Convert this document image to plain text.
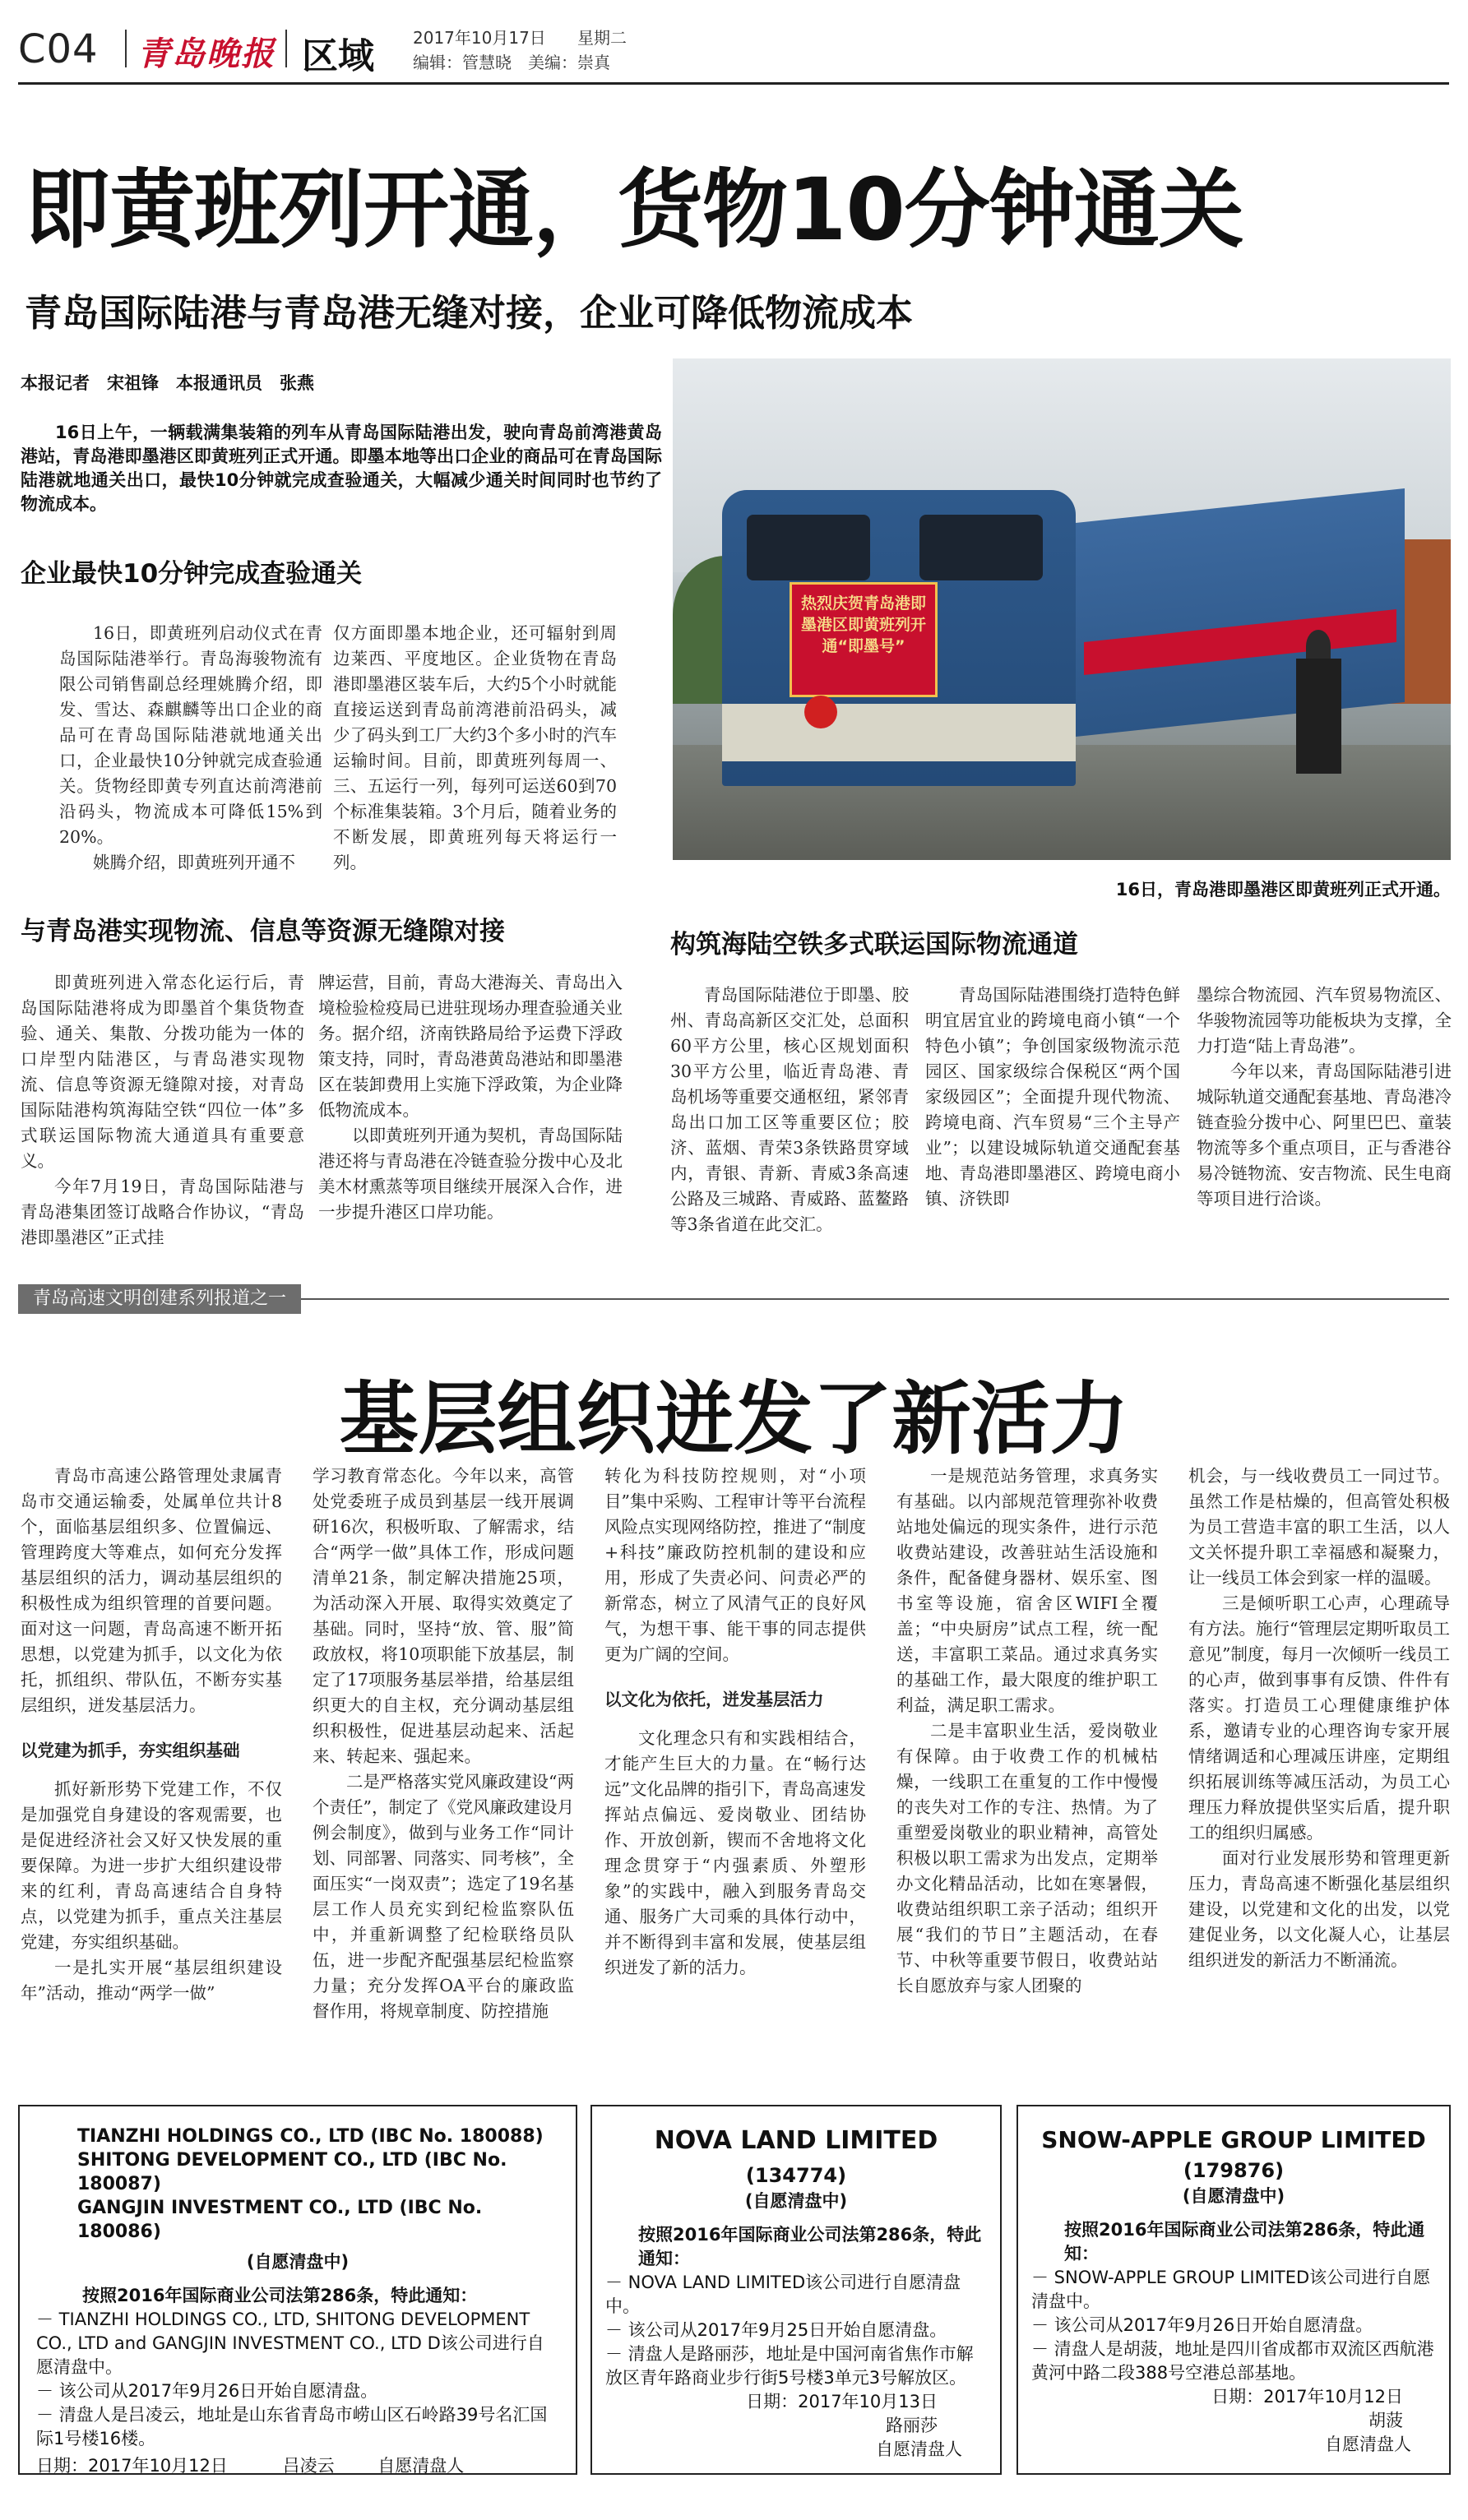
C04 青岛晚报 区域 2017年10月17日 星期二
编辑：管慧晓 美编：崇真
即黄班列开通，货物10分钟通关
青岛国际陆港与青岛港无缝对接，企业可降低物流成本
本报记者　宋祖锋　本报通讯员　张燕

16日上午，一辆载满集装箱的列车从青岛国际陆港出发，驶向青岛前湾港黄岛港站，青岛港即墨港区即黄班列正式开通。即墨本地等出口企业的商品可在青岛国际陆港就地通关出口，最快10分钟就完成查验通关，大幅减少通关时间同时也节约了物流成本。

企业最快10分钟完成查验通关

16日，即黄班列启动仪式在青岛国际陆港举行。青岛海骏物流有限公司销售副总经理姚腾介绍，即发、雪达、森麒麟等出口企业的商品可在青岛国际陆港就地通关出口，企业最快10分钟就完成查验通关。货物经即黄专列直达前湾港前沿码头，物流成本可降低15%到20%。

姚腾介绍，即黄班列开通不

仅方面即墨本地企业，还可辐射到周边莱西、平度地区。企业货物在青岛港即墨港区装车后，大约5个小时就能直接运送到青岛前湾港前沿码头，减少了码头到工厂大约3个多小时的汽车运输时间。目前，即黄班列每周一、三、五运行一列，每列可运送60到70个标准集装箱。3个月后，随着业务的不断发展，即黄班列每天将运行一列。

热烈庆贺青岛港即墨港区即黄班列开通“即墨号”
16日，青岛港即墨港区即黄班列正式开通。
与青岛港实现物流、信息等资源无缝隙对接

即黄班列进入常态化运行后，青岛国际陆港将成为即墨首个集货物查验、通关、集散、分拨功能为一体的口岸型内陆港区，与青岛港实现物流、信息等资源无缝隙对接，对青岛国际陆港构筑海陆空铁“四位一体”多式联运国际物流大通道具有重要意义。

今年7月19日，青岛国际陆港与青岛港集团签订战略合作协议，“青岛港即墨港区”正式挂

牌运营，目前，青岛大港海关、青岛出入境检验检疫局已进驻现场办理查验通关业务。据介绍，济南铁路局给予运费下浮政策支持，同时，青岛港黄岛港站和即墨港区在装卸费用上实施下浮政策，为企业降低物流成本。

以即黄班列开通为契机，青岛国际陆港还将与青岛港在冷链查验分拨中心及北美木材熏蒸等项目继续开展深入合作，进一步提升港区口岸功能。

构筑海陆空铁多式联运国际物流通道

青岛国际陆港位于即墨、胶州、青岛高新区交汇处，总面积60平方公里，核心区规划面积30平方公里，临近青岛港、青岛机场等重要交通枢纽，紧邻青岛出口加工区等重要区位；胶济、蓝烟、青荣3条铁路贯穿域内，青银、青新、青威3条高速公路及三城路、青威路、蓝鳌路等3条省道在此交汇。

青岛国际陆港围绕打造特色鲜明宜居宜业的跨境电商小镇“一个特色小镇”；争创国家级物流示范园区、国家级综合保税区“两个国家级园区”；全面提升现代物流、跨境电商、汽车贸易“三个主导产业”；以建设城际轨道交通配套基地、青岛港即墨港区、跨境电商小镇、济铁即

墨综合物流园、汽车贸易物流区、华骏物流园等功能板块为支撑，全力打造“陆上青岛港”。

今年以来，青岛国际陆港引进城际轨道交通配套基地、青岛港冷链查验分拨中心、阿里巴巴、童装物流等多个重点项目，正与香港谷易冷链物流、安吉物流、民生电商等项目进行洽谈。

青岛高速文明创建系列报道之一
基层组织迸发了新活力

青岛市高速公路管理处隶属青岛市交通运输委，处属单位共计8个，面临基层组织多、位置偏远、管理跨度大等难点，如何充分发挥基层组织的活力，调动基层组织的积极性成为组织管理的首要问题。面对这一问题，青岛高速不断开拓思想，以党建为抓手，以文化为依托，抓组织、带队伍，不断夯实基层组织，迸发基层活力。

以党建为抓手，夯实组织基础

抓好新形势下党建工作，不仅是加强党自身建设的客观需要，也是促进经济社会又好又快发展的重要保障。为进一步扩大组织建设带来的红利，青岛高速结合自身特点，以党建为抓手，重点关注基层党建，夯实组织基础。

一是扎实开展“基层组织建设年”活动，推动“两学一做”

学习教育常态化。今年以来，高管处党委班子成员到基层一线开展调研16次，积极听取、了解需求，结合“两学一做”具体工作，形成问题清单21条，制定解决措施25项，为活动深入开展、取得实效奠定了基础。同时，坚持“放、管、服”简政放权，将10项职能下放基层，制定了17项服务基层举措，给基层组织更大的自主权，充分调动基层组织积极性，促进基层动起来、活起来、转起来、强起来。

二是严格落实党风廉政建设“两个责任”，制定了《党风廉政建设月例会制度》，做到与业务工作“同计划、同部署、同落实、同考核”，全面压实“一岗双责”；选定了19名基层工作人员充实到纪检监察队伍中，并重新调整了纪检联络员队伍，进一步配齐配强基层纪检监察力量；充分发挥OA平台的廉政监督作用，将规章制度、防控措施

转化为科技防控规则，对“小项目”集中采购、工程审计等平台流程风险点实现网络防控，推进了“制度+科技”廉政防控机制的建设和应用，形成了失责必问、问责必严的新常态，树立了风清气正的良好风气，为想干事、能干事的同志提供更为广阔的空间。

以文化为依托，迸发基层活力

文化理念只有和实践相结合，才能产生巨大的力量。在“畅行达远”文化品牌的指引下，青岛高速发挥站点偏远、爱岗敬业、团结协作、开放创新，锲而不舍地将文化理念贯穿于“内强素质、外塑形象”的实践中，融入到服务青岛交通、服务广大司乘的具体行动中，并不断得到丰富和发展，使基层组织迸发了新的活力。

一是规范站务管理，求真务实有基础。以内部规范管理弥补收费站地处偏远的现实条件，进行示范收费站建设，改善驻站生活设施和条件，配备健身器材、娱乐室、图书室等设施，宿舍区WIFI全覆盖；“中央厨房”试点工程，统一配送，丰富职工菜品。通过求真务实的基础工作，最大限度的维护职工利益，满足职工需求。

二是丰富职业生活，爱岗敬业有保障。由于收费工作的机械枯燥，一线职工在重复的工作中慢慢的丧失对工作的专注、热情。为了重塑爱岗敬业的职业精神，高管处积极以职工需求为出发点，定期举办文化精品活动，比如在寒暑假，收费站组织职工亲子活动；组织开展“我们的节日”主题活动，在春节、中秋等重要节假日，收费站站长自愿放弃与家人团聚的

机会，与一线收费员工一同过节。虽然工作是枯燥的，但高管处积极为员工营造丰富的职工生活，以人文关怀提升职工幸福感和凝聚力，让一线员工体会到家一样的温暖。

三是倾听职工心声，心理疏导有方法。施行“管理层定期听取员工意见”制度，每月一次倾听一线员工的心声，做到事事有反馈、件件有落实。打造员工心理健康维护体系，邀请专业的心理咨询专家开展情绪调适和心理减压讲座，定期组织拓展训练等减压活动，为员工心理压力释放提供坚实后盾，提升职工的组织归属感。

面对行业发展形势和管理更新压力，青岛高速不断强化基层组织建设，以党建和文化的出发，以党建促业务，以文化凝人心，让基层组织迸发的新活力不断涌流。

TIANZHI HOLDINGS CO., LTD (IBC No. 180088)
SHITONG DEVELOPMENT CO., LTD (IBC No. 180087)
GANGJIN INVESTMENT CO., LTD (IBC No. 180086)
(自愿清盘中)
按照2016年国际商业公司法第286条，特此通知：
－ TIANZHI HOLDINGS CO., LTD, SHITONG DEVELOPMENT CO., LTD and GANGJIN INVESTMENT CO., LTD D该公司进行自愿清盘中。
－ 该公司从2017年9月26日开始自愿清盘。
－ 清盘人是吕凌云，地址是山东省青岛市崂山区石岭路39号名汇国际1号楼16楼。
日期：2017年10月12日	吕凌云	自愿清盘人
NOVA LAND LIMITED
(134774)
(自愿清盘中)
按照2016年国际商业公司法第286条，特此通知：
－ NOVA LAND LIMITED该公司进行自愿清盘中。
－ 该公司从2017年9月25日开始自愿清盘。
－ 清盘人是路丽莎，地址是中国河南省焦作市解放区青年路商业步行街5号楼3单元3号解放区。
日期：2017年10月13日
路丽莎
自愿清盘人
SNOW-APPLE GROUP LIMITED
(179876)
(自愿清盘中)
按照2016年国际商业公司法第286条，特此通知：
－ SNOW-APPLE GROUP LIMITED该公司进行自愿清盘中。
－ 该公司从2017年9月26日开始自愿清盘。
－ 清盘人是胡菠，地址是四川省成都市双流区西航港黄河中路二段388号空港总部基地。
日期：2017年10月12日
胡菠
自愿清盘人
